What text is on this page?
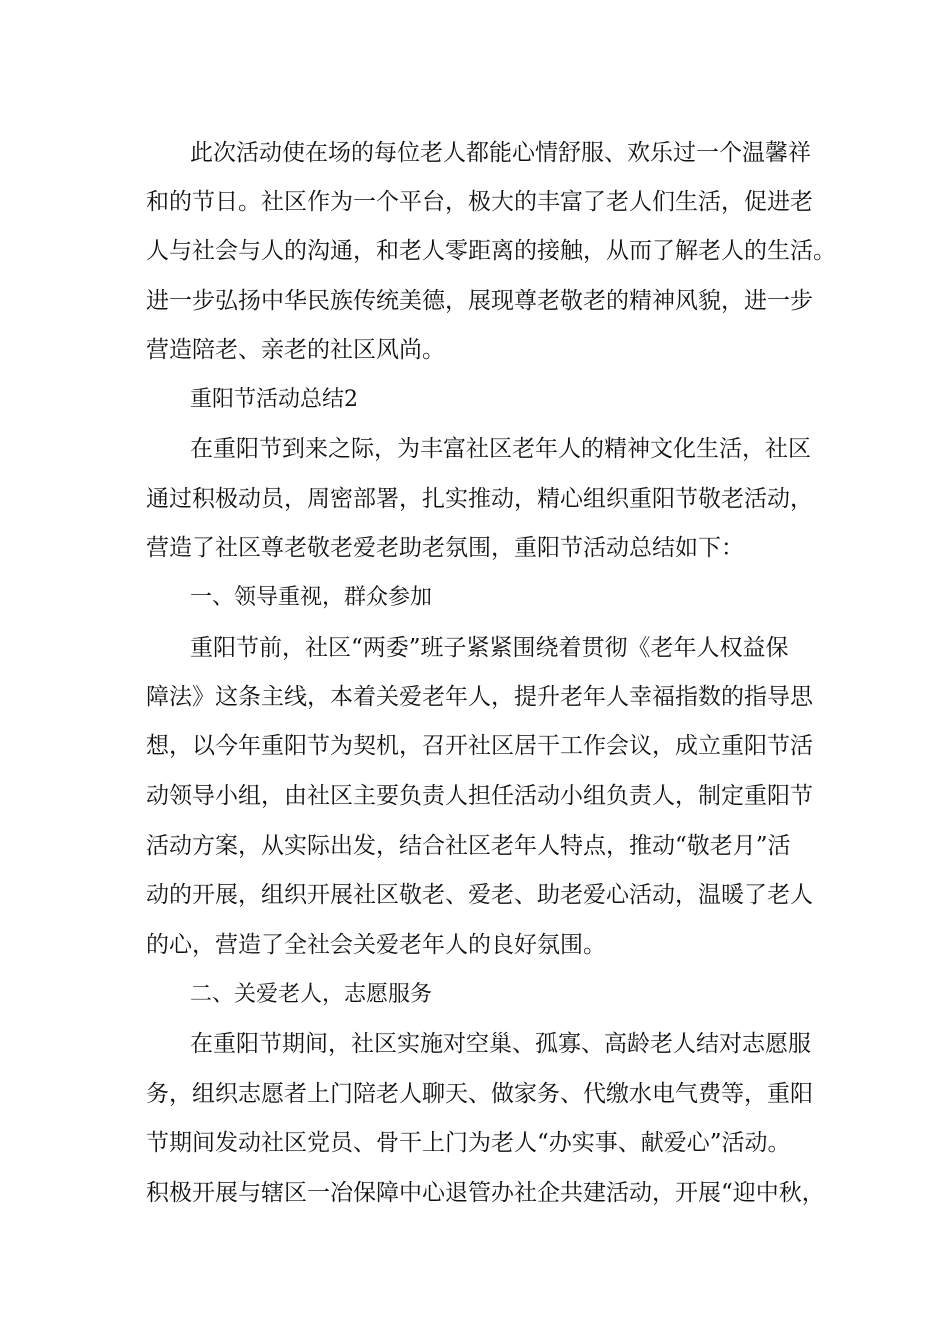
此次活动使在场的每位老人都能心情舒服、欢乐过一个温馨祥
和的节日。社区作为一个平台，极大的丰富了老人们生活，促进老
人与社会与人的沟通，和老人零距离的接触，从而了解老人的生活。
进一步弘扬中华民族传统美德，展现尊老敬老的精神风貌，进一步
营造陪老、亲老的社区风尚。
重阳节活动总结2
在重阳节到来之际，为丰富社区老年人的精神文化生活，社区
通过积极动员，周密部署，扎实推动，精心组织重阳节敬老活动，
营造了社区尊老敬老爱老助老氛围，重阳节活动总结如下：
一、领导重视，群众参加
重阳节前，社区“两委”班子紧紧围绕着贯彻《老年人权益保
障法》这条主线，本着关爱老年人，提升老年人幸福指数的指导思
想，以今年重阳节为契机，召开社区居干工作会议，成立重阳节活
动领导小组，由社区主要负责人担任活动小组负责人，制定重阳节
活动方案，从实际出发，结合社区老年人特点，推动“敬老月”活
动的开展，组织开展社区敬老、爱老、助老爱心活动，温暖了老人
的心，营造了全社会关爱老年人的良好氛围。
二、关爱老人，志愿服务
在重阳节期间，社区实施对空巢、孤寡、高龄老人结对志愿服
务，组织志愿者上门陪老人聊天、做家务、代缴水电气费等，重阳
节期间发动社区党员、骨干上门为老人“办实事、献爱心”活动。
积极开展与辖区一冶保障中心退管办社企共建活动，开展“迎中秋，
